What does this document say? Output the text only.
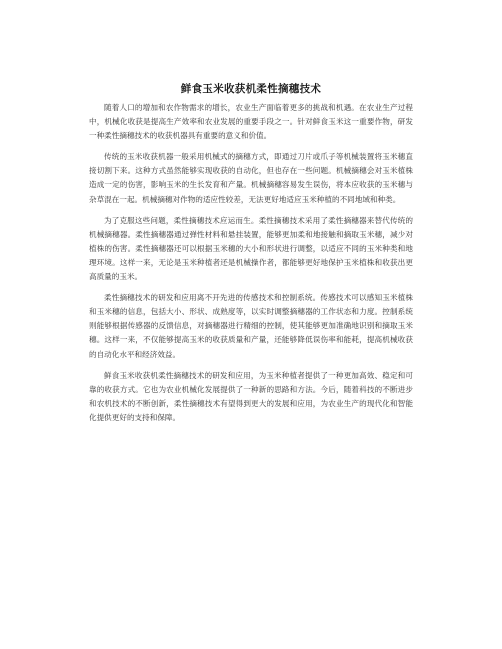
鲜食玉米收获机柔性摘穗技术

随着人口的增加和农作物需求的增长，农业生产面临着更多的挑战和机遇。在农业生产过程中，机械化收获是提高生产效率和农业发展的重要手段之一。针对鲜食玉米这一重要作物，研发一种柔性摘穗技术的收获机器具有重要的意义和价值。

传统的玉米收获机器一般采用机械式的摘穗方式，即通过刀片或爪子等机械装置将玉米穗直接切割下来。这种方式虽然能够实现收获的自动化，但也存在一些问题。机械摘穗会对玉米植株造成一定的伤害，影响玉米的生长发育和产量。机械摘穗容易发生误伤，将本应收获的玉米穗与杂草混在一起。机械摘穗对作物的适应性较差，无法更好地适应玉米种植的不同地域和种类。

为了克服这些问题，柔性摘穗技术应运而生。柔性摘穗技术采用了柔性摘穗器来替代传统的机械摘穗器。柔性摘穗器通过弹性材料和悬挂装置，能够更加柔和地接触和摘取玉米穗，减少对植株的伤害。柔性摘穗器还可以根据玉米穗的大小和形状进行调整，以适应不同的玉米种类和地理环境。这样一来，无论是玉米种植者还是机械操作者，都能够更好地保护玉米植株和收获出更高质量的玉米。

柔性摘穗技术的研发和应用离不开先进的传感技术和控制系统。传感技术可以感知玉米植株和玉米穗的信息，包括大小、形状、成熟度等，以实时调整摘穗器的工作状态和力度。控制系统则能够根据传感器的反馈信息，对摘穗器进行精细的控制，使其能够更加准确地识别和摘取玉米穗。这样一来，不仅能够提高玉米的收获质量和产量，还能够降低误伤率和能耗，提高机械收获的自动化水平和经济效益。

鲜食玉米收获机柔性摘穗技术的研发和应用，为玉米种植者提供了一种更加高效、稳定和可靠的收获方式。它也为农业机械化发展提供了一种新的思路和方法。今后，随着科技的不断进步和农机技术的不断创新，柔性摘穗技术有望得到更大的发展和应用，为农业生产的现代化和智能化提供更好的支持和保障。
